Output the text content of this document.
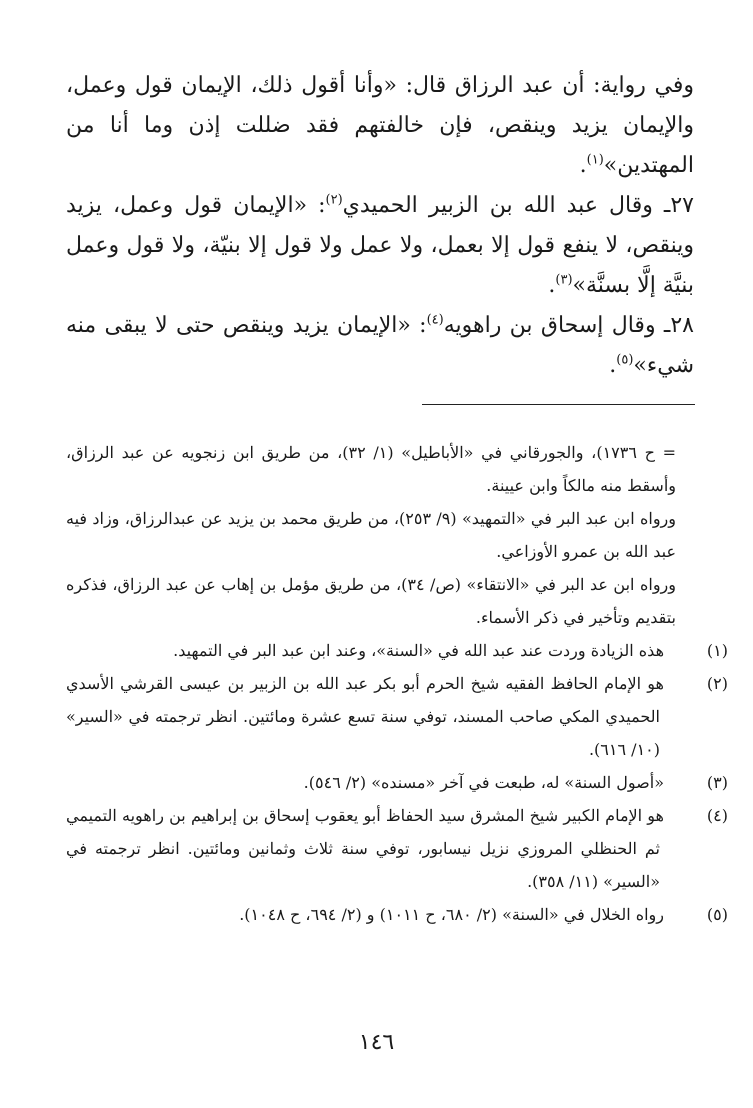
وفي رواية: أن عبد الرزاق قال: «وأنا أقول ذلك، الإيمان قول وعمل، والإيمان يزيد وينقص، فإن خالفتهم فقد ضللت إذن وما أنا من المهتدين»$^{(١)}$.

٢٧ـ وقال عبد الله بن الزبير الحميدي$^{(٢)}$: «الإيمان قول وعمل، يزيد وينقص، لا ينفع قول إلا بعمل، ولا عمل ولا قول إلا بنيّة، ولا قول وعمل بنيَّة إلَّا بسنَّة»$^{(٣)}$.

٢٨ـ وقال إسحاق بن راهويه$^{(٤)}$: «الإيمان يزيد وينقص حتى لا يبقى منه شيء»$^{(٥)}$.

= ح ١٧٣٦)، والجورقاني في «الأباطيل» (١/ ٣٢)، من طريق ابن زنجويه عن عبد الرزاق، وأسقط منه مالكاً وابن عيينة.

ورواه ابن عبد البر في «التمهيد» (٩/ ٢٥٣)، من طريق محمد بن يزيد عن عبدالرزاق، وزاد فيه عبد الله بن عمرو الأوزاعي.

ورواه ابن عد البر في «الانتقاء» (ص/ ٣٤)، من طريق مؤمل بن إهاب عن عبد الرزاق، فذكره بتقديم وتأخير في ذكر الأسماء.

(١)هذه الزيادة وردت عند عبد الله في «السنة»، وعند ابن عبد البر في التمهيد.

(٢)هو الإمام الحافظ الفقيه شيخ الحرم أبو بكر عبد الله بن الزبير بن عيسى القرشي الأسدي الحميدي المكي صاحب المسند، توفي سنة تسع عشرة ومائتين. انظر ترجمته في «السير» (١٠/ ٦١٦).

(٣)«أصول السنة» له، طبعت في آخر «مسنده» (٢/ ٥٤٦).

(٤)هو الإمام الكبير شيخ المشرق سيد الحفاظ أبو يعقوب إسحاق بن إبراهيم بن راهويه التميمي ثم الحنظلي المروزي نزيل نيسابور، توفي سنة ثلاث وثمانين ومائتين. انظر ترجمته في «السير» (١١/ ٣٥٨).

(٥)رواه الخلال في «السنة» (٢/ ٦٨٠، ح ١٠١١) و (٢/ ٦٩٤، ح ١٠٤٨).

١٤٦
